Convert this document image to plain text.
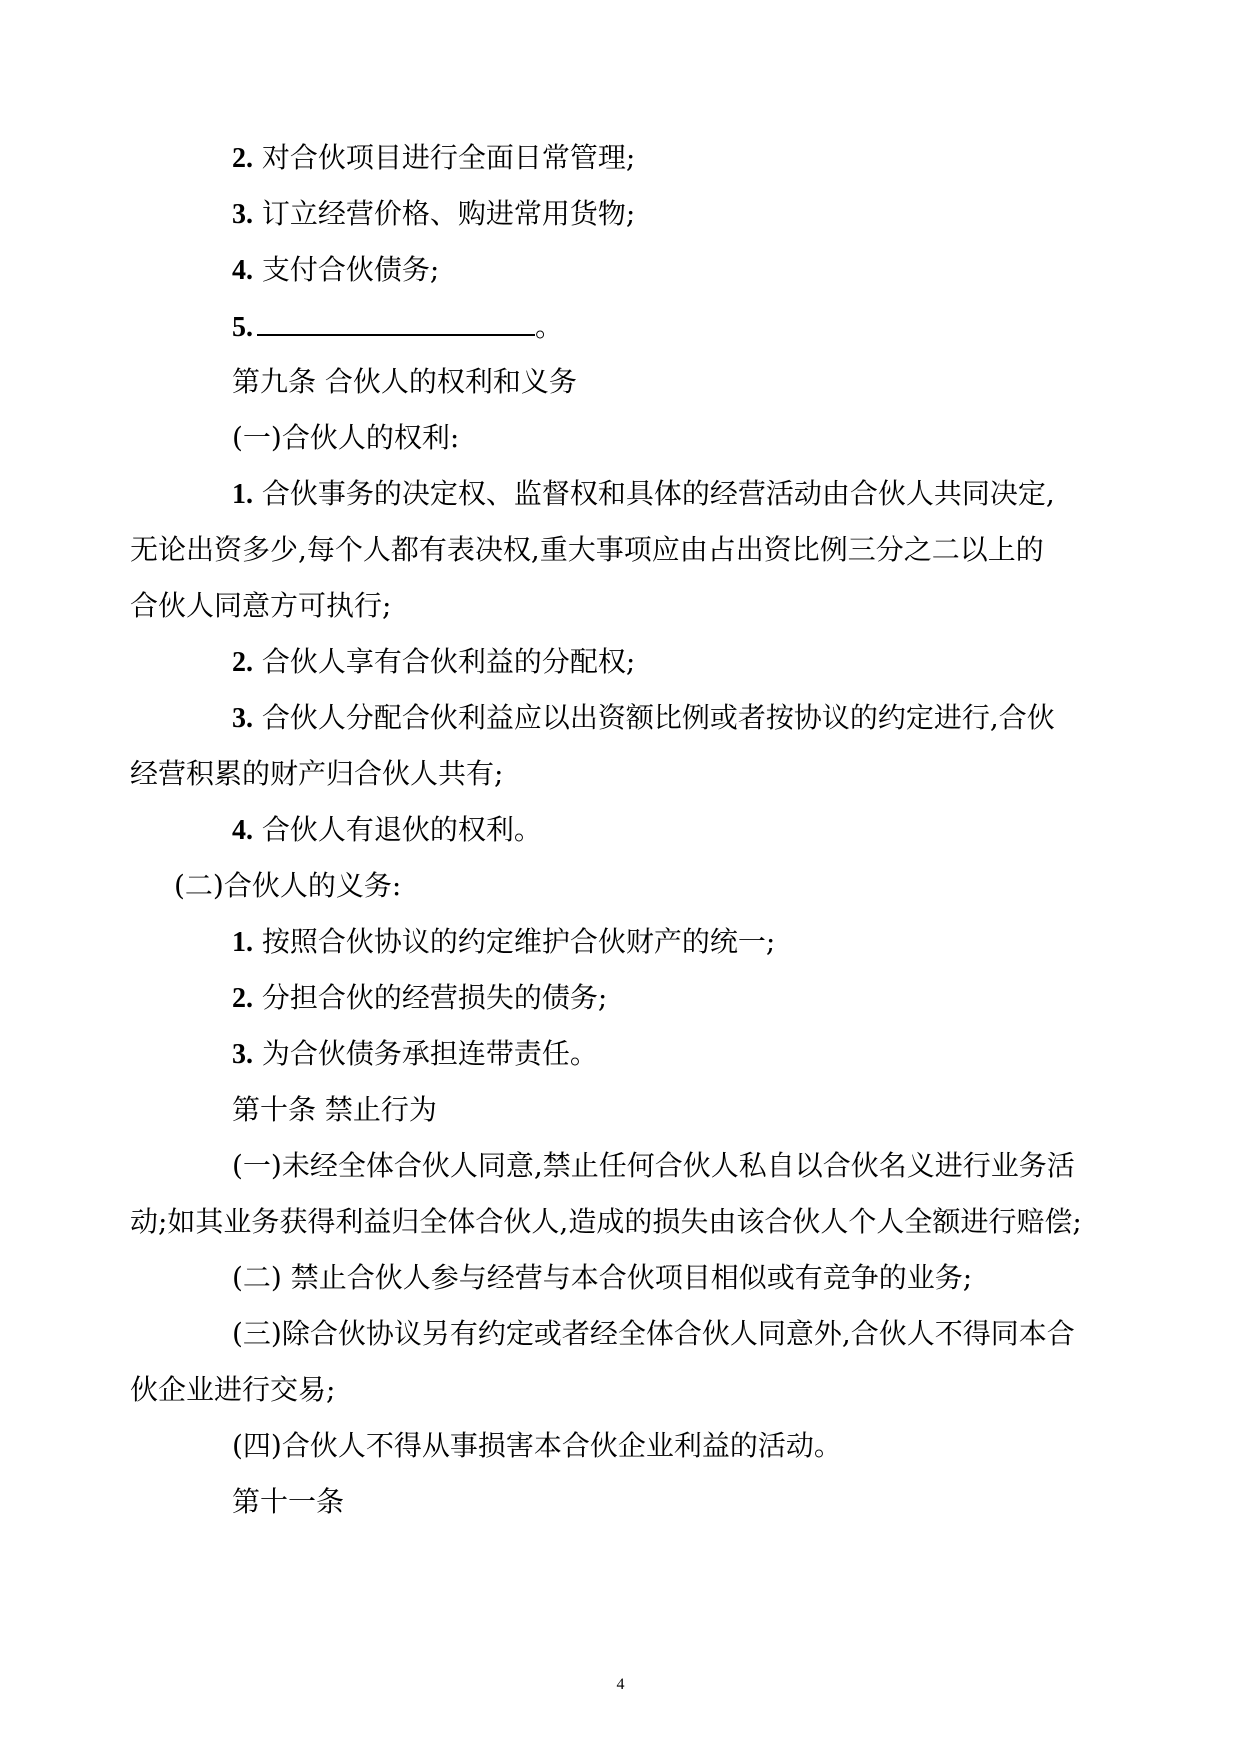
2. 对合伙项目进行全面日常管理;
3. 订立经营价格、购进常用货物;
4. 支付合伙债务;
5.	。
第九条 合伙人的权利和义务
(一)合伙人的权利:
1. 合伙事务的决定权、监督权和具体的经营活动由合伙人共同决定,
无论出资多少,每个人都有表决权,重大事项应由占出资比例三分之二以上的
合伙人同意方可执行;
2. 合伙人享有合伙利益的分配权;
3. 合伙人分配合伙利益应以出资额比例或者按协议的约定进行,合伙
经营积累的财产归合伙人共有;
4. 合伙人有退伙的权利。
(二)合伙人的义务:
1. 按照合伙协议的约定维护合伙财产的统一;
2. 分担合伙的经营损失的债务;
3. 为合伙债务承担连带责任。
第十条 禁止行为
(一)未经全体合伙人同意,禁止任何合伙人私自以合伙名义进行业务活
动;如其业务获得利益归全体合伙人,造成的损失由该合伙人个人全额进行赔偿;
(二) 禁止合伙人参与经营与本合伙项目相似或有竞争的业务;
(三)除合伙协议另有约定或者经全体合伙人同意外,合伙人不得同本合
伙企业进行交易;
(四)合伙人不得从事损害本合伙企业利益的活动。
第十一条
4
